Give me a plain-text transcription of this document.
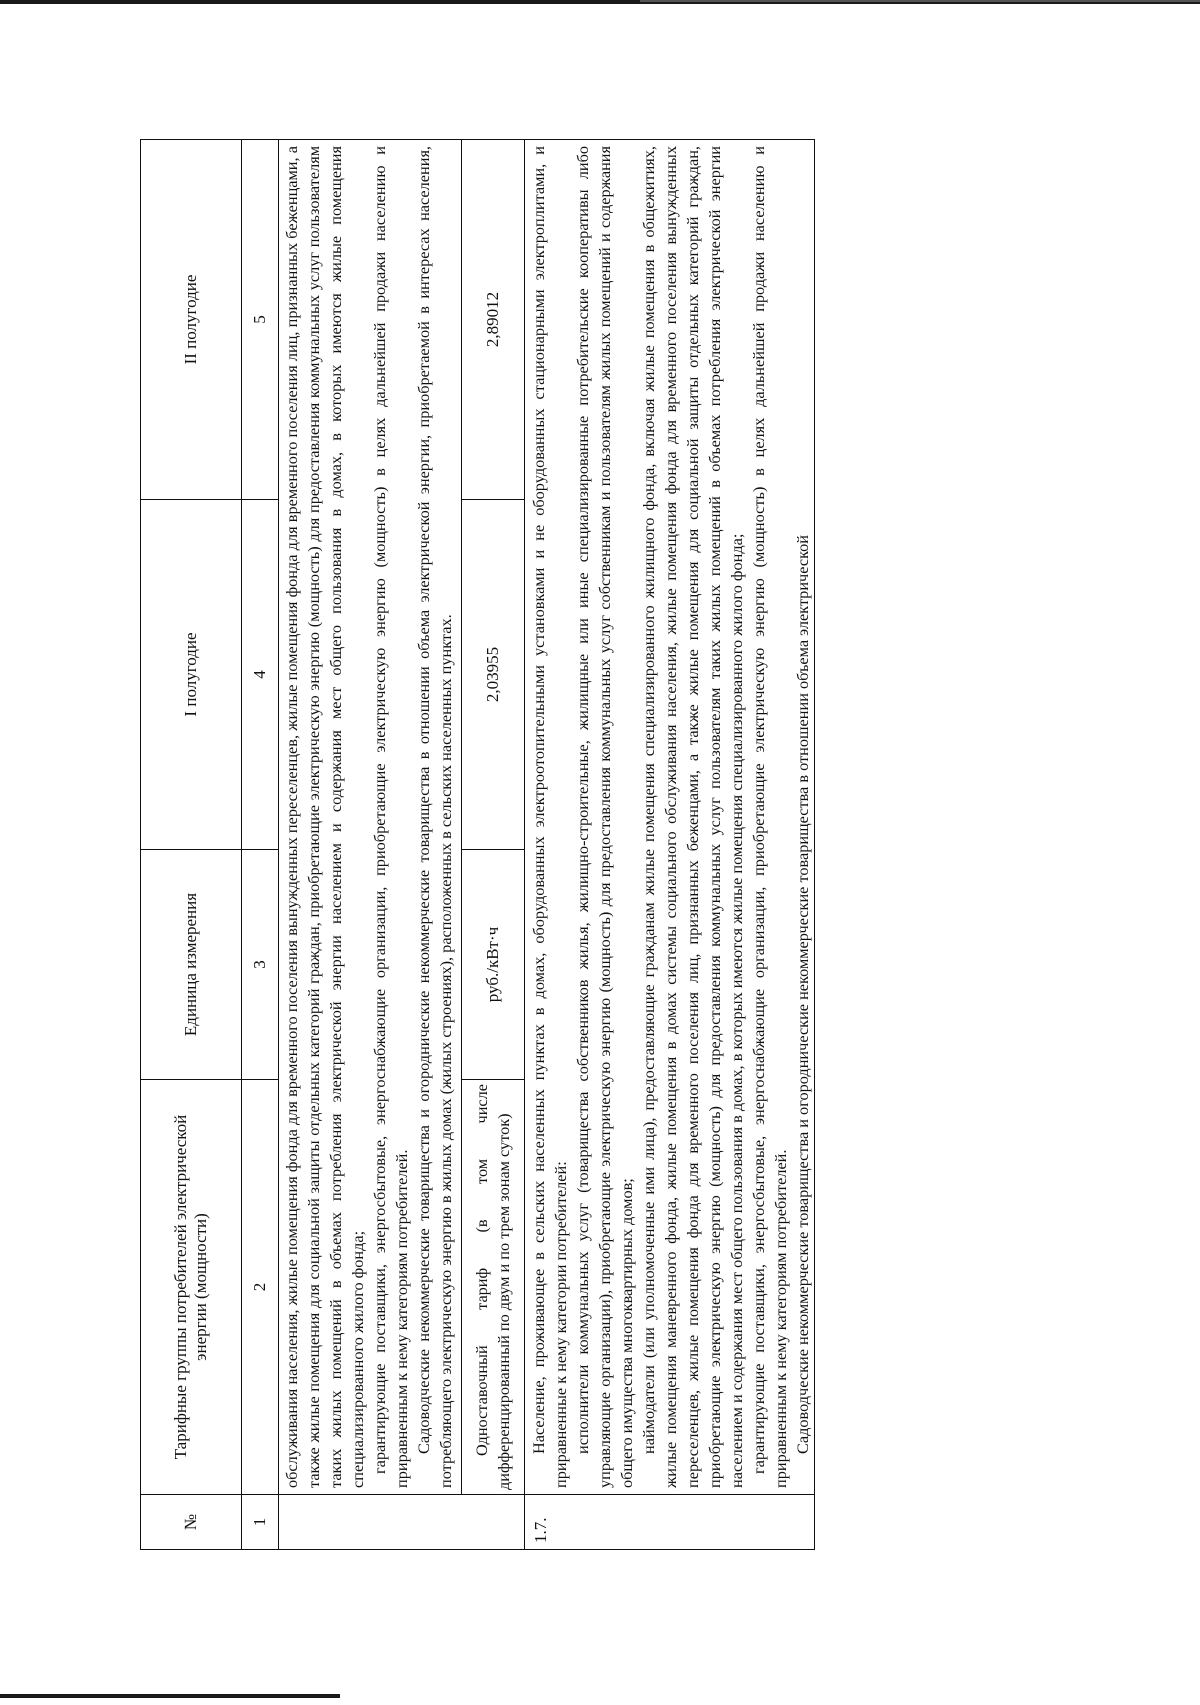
№	Тарифные группы потребителей электрической энергии (мощности)	Единица измерения	I полугодие	II полугодие
1	2	3	4	5

	обслуживания населения, жилые помещения фонда для временного поселения вынужденных переселенцев, жилые помещения фонда для временного поселения лиц, признанных беженцами, а также жилые помещения для социальной защиты отдельных категорий граждан, приобретающие электрическую энергию (мощность) для предоставления коммунальных услуг пользователям таких жилых помещений в объемах потребления электрической энергии населением и содержания мест общего пользования в домах, в которых имеются жилые помещения специализированного жилого фонда; гарантирующие поставщики, энергосбытовые, энергоснабжающие организации, приобретающие электрическую энергию (мощность) в целях дальнейшей продажи населению и приравненным к нему категориям потребителей. Садоводческие некоммерческие товарищества и огороднические некоммерческие товарищества в отношении объема электрической энергии, приобретаемой в интересах населения, потребляющего электрическую энергию в жилых домах (жилых строениях), расположенных в сельских населенных пунктах.			

	Одноставочный тариф (в том числе дифференцированный по двум и по трем зонам суток)	руб./кВт·ч	2,03955	2,89012
1.7.	Население, проживающее в сельских населенных пунктах в домах, оборудованных электроотопительными установками и не оборудованных стационарными электроплитами, и приравненные к нему категории потребителей: исполнители коммунальных услуг (товарищества собственников жилья, жилищно-строительные, жилищные или иные специализированные потребительские кооперативы либо управляющие организации), приобретающие электрическую энергию (мощность) для предоставления коммунальных услуг собственникам и пользователям жилых помещений и содержания общего имущества многоквартирных домов; наймодатели (или уполномоченные ими лица), предоставляющие гражданам жилые помещения специализированного жилищного фонда, включая жилые помещения в общежитиях, жилые помещения маневренного фонда, жилые помещения в домах системы социального обслуживания населения, жилые помещения фонда для временного поселения вынужденных переселенцев, жилые помещения фонда для временного поселения лиц, признанных беженцами, а также жилые помещения для социальной защиты отдельных категорий граждан, приобретающие электрическую энергию (мощность) для предоставления коммунальных услуг пользователям таких жилых помещений в объемах потребления электрической энергии населением и содержания мест общего пользования в домах, в которых имеются жилые помещения специализированного жилого фонда; гарантирующие поставщики, энергосбытовые, энергоснабжающие организации, приобретающие электрическую энергию (мощность) в целях дальнейшей продажи населению и приравненным к нему категориям потребителей. Садоводческие некоммерческие товарищества и огороднические некоммерческие товарищества в отношении объема электрической			
